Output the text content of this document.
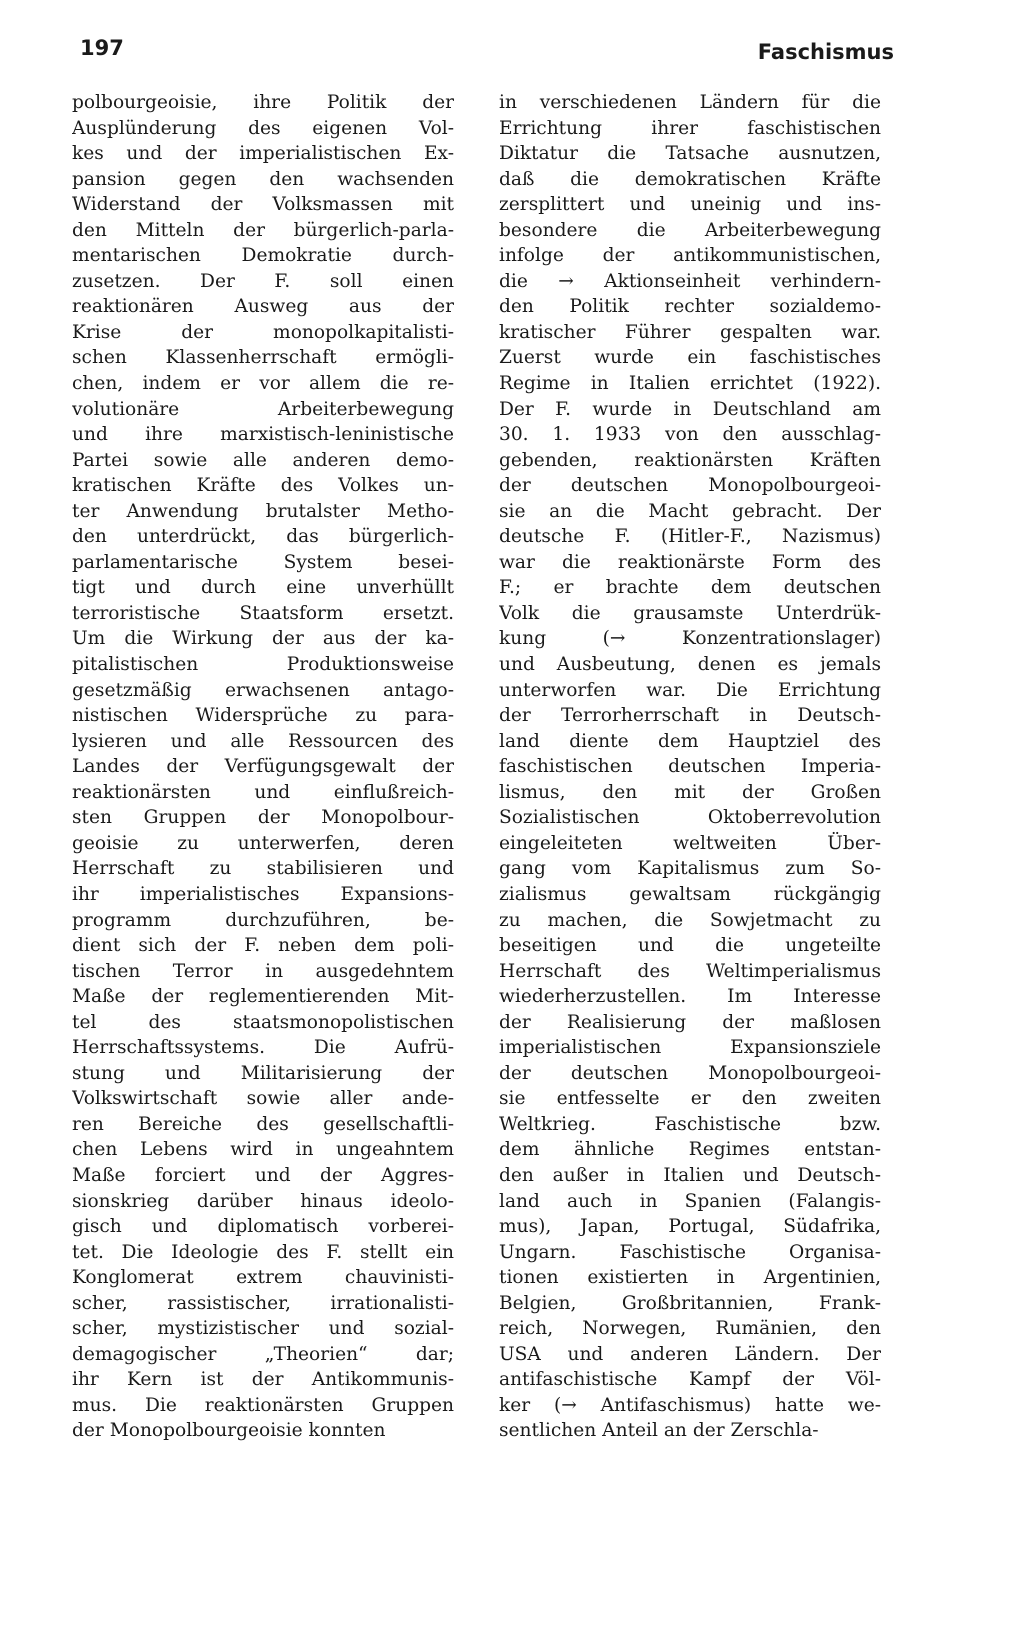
197	Faschismus
polbourgeoisie, ihre Politik der
Ausplünderung des eigenen Vol-
kes und der imperialistischen Ex-
pansion gegen den wachsenden
Widerstand der Volksmassen mit
den Mitteln der bürgerlich-parla-
mentarischen Demokratie durch-
zusetzen. Der F. soll einen
reaktionären Ausweg aus der
Krise der monopolkapitalisti-
schen Klassenherrschaft ermögli-
chen, indem er vor allem die re-
volutionäre Arbeiterbewegung
und ihre marxistisch-leninistische
Partei sowie alle anderen demo-
kratischen Kräfte des Volkes un-
ter Anwendung brutalster Metho-
den unterdrückt, das bürgerlich-
parlamentarische System besei-
tigt und durch eine unverhüllt
terroristische Staatsform ersetzt.
Um die Wirkung der aus der ka-
pitalistischen Produktionsweise
gesetzmäßig erwachsenen antago-
nistischen Widersprüche zu para-
lysieren und alle Ressourcen des
Landes der Verfügungsgewalt der
reaktionärsten und einflußreich-
sten Gruppen der Monopolbour-
geoisie zu unterwerfen, deren
Herrschaft zu stabilisieren und
ihr imperialistisches Expansions-
programm durchzuführen, be-
dient sich der F. neben dem poli-
tischen Terror in ausgedehntem
Maße der reglementierenden Mit-
tel des staatsmonopolistischen
Herrschaftssystems. Die Aufrü-
stung und Militarisierung der
Volkswirtschaft sowie aller ande-
ren Bereiche des gesellschaftli-
chen Lebens wird in ungeahntem
Maße forciert und der Aggres-
sionskrieg darüber hinaus ideolo-
gisch und diplomatisch vorberei-
tet. Die Ideologie des F. stellt ein
Konglomerat extrem chauvinisti-
scher, rassistischer, irrationalisti-
scher, mystizistischer und sozial-
demagogischer „Theorien“ dar;
ihr Kern ist der Antikommunis-
mus. Die reaktionärsten Gruppen
der Monopolbourgeoisie konnten
in verschiedenen Ländern für die
Errichtung ihrer faschistischen
Diktatur die Tatsache ausnutzen,
daß die demokratischen Kräfte
zersplittert und uneinig und ins-
besondere die Arbeiterbewegung
infolge der antikommunistischen,
die → Aktionseinheit verhindern-
den Politik rechter sozialdemo-
kratischer Führer gespalten war.
Zuerst wurde ein faschistisches
Regime in Italien errichtet (1922).
Der F. wurde in Deutschland am
30. 1. 1933 von den ausschlag-
gebenden, reaktionärsten Kräften
der deutschen Monopolbourgeoi-
sie an die Macht gebracht. Der
deutsche F. (Hitler-F., Nazismus)
war die reaktionärste Form des
F.; er brachte dem deutschen
Volk die grausamste Unterdrük-
kung (→ Konzentrationslager)
und Ausbeutung, denen es jemals
unterworfen war. Die Errichtung
der Terrorherrschaft in Deutsch-
land diente dem Hauptziel des
faschistischen deutschen Imperia-
lismus, den mit der Großen
Sozialistischen Oktoberrevolution
eingeleiteten weltweiten Über-
gang vom Kapitalismus zum So-
zialismus gewaltsam rückgängig
zu machen, die Sowjetmacht zu
beseitigen und die ungeteilte
Herrschaft des Weltimperialismus
wiederherzustellen. Im Interesse
der Realisierung der maßlosen
imperialistischen Expansionsziele
der deutschen Monopolbourgeoi-
sie entfesselte er den zweiten
Weltkrieg. Faschistische bzw.
dem ähnliche Regimes entstan-
den außer in Italien und Deutsch-
land auch in Spanien (Falangis-
mus), Japan, Portugal, Südafrika,
Ungarn. Faschistische Organisa-
tionen existierten in Argentinien,
Belgien, Großbritannien, Frank-
reich, Norwegen, Rumänien, den
USA und anderen Ländern. Der
antifaschistische Kampf der Völ-
ker (→ Antifaschismus) hatte we-
sentlichen Anteil an der Zerschla-
